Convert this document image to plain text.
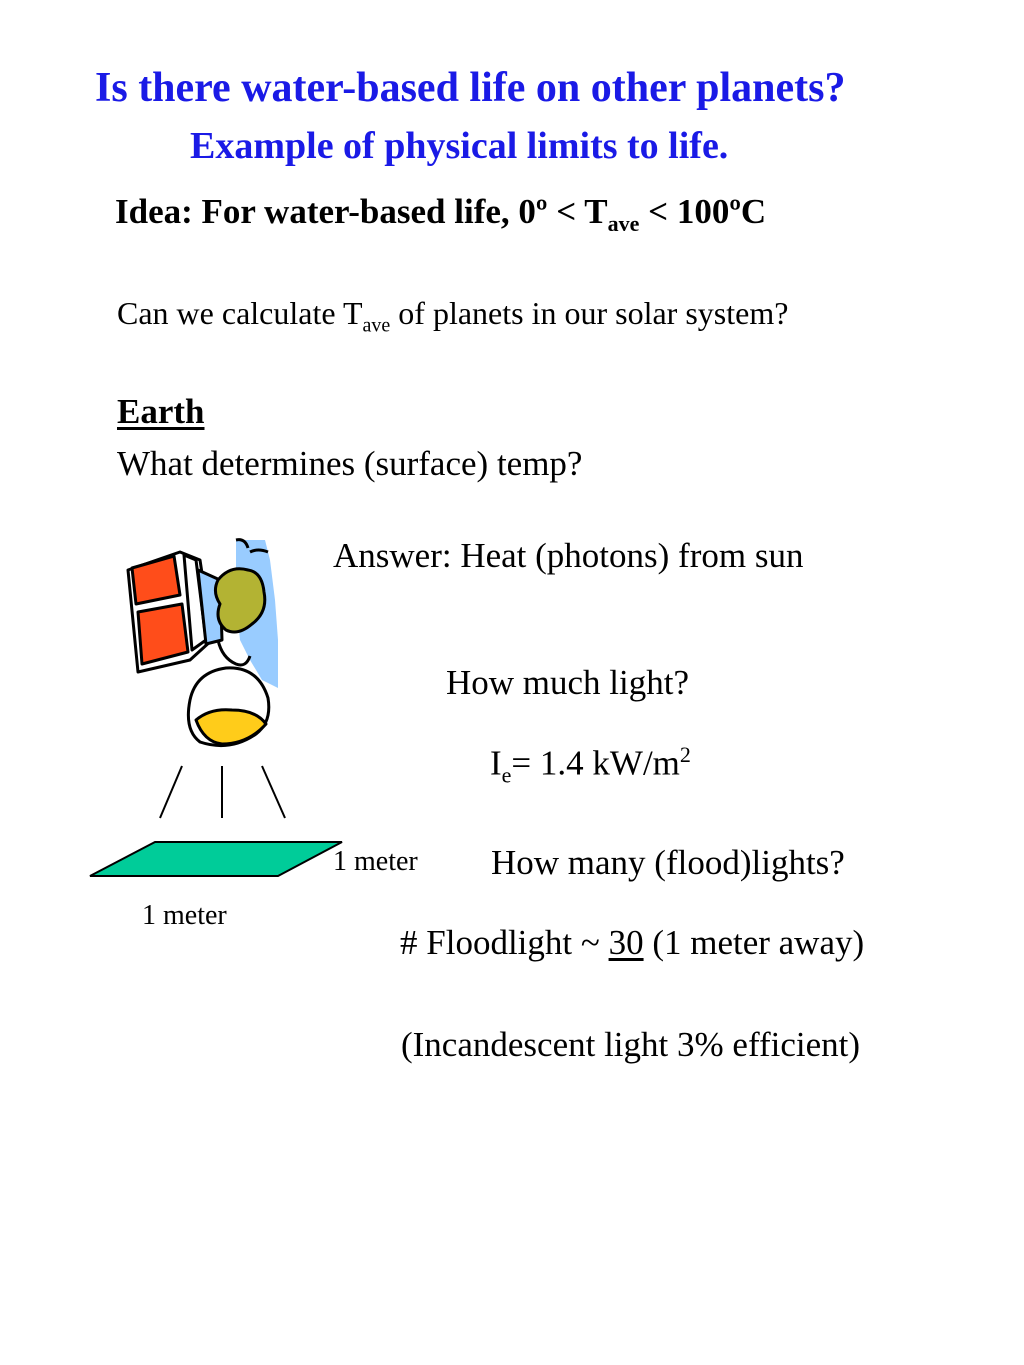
Is there water-based life on other planets?
Example of physical limits to life.
Idea: For water-based life, 0º < $T_{ave}$ < 100ºC
Can we calculate $T_{ave}$ of planets in our solar system?
Earth
What determines (surface) temp?
Answer: Heat (photons) from sun
How much light?
$I_e= 1.4$ $kW/m^2$
How many (flood)lights?
# Floodlight ~ 30 (1 meter away)
(Incandescent light 3% efficient)
1 meter
1 meter
